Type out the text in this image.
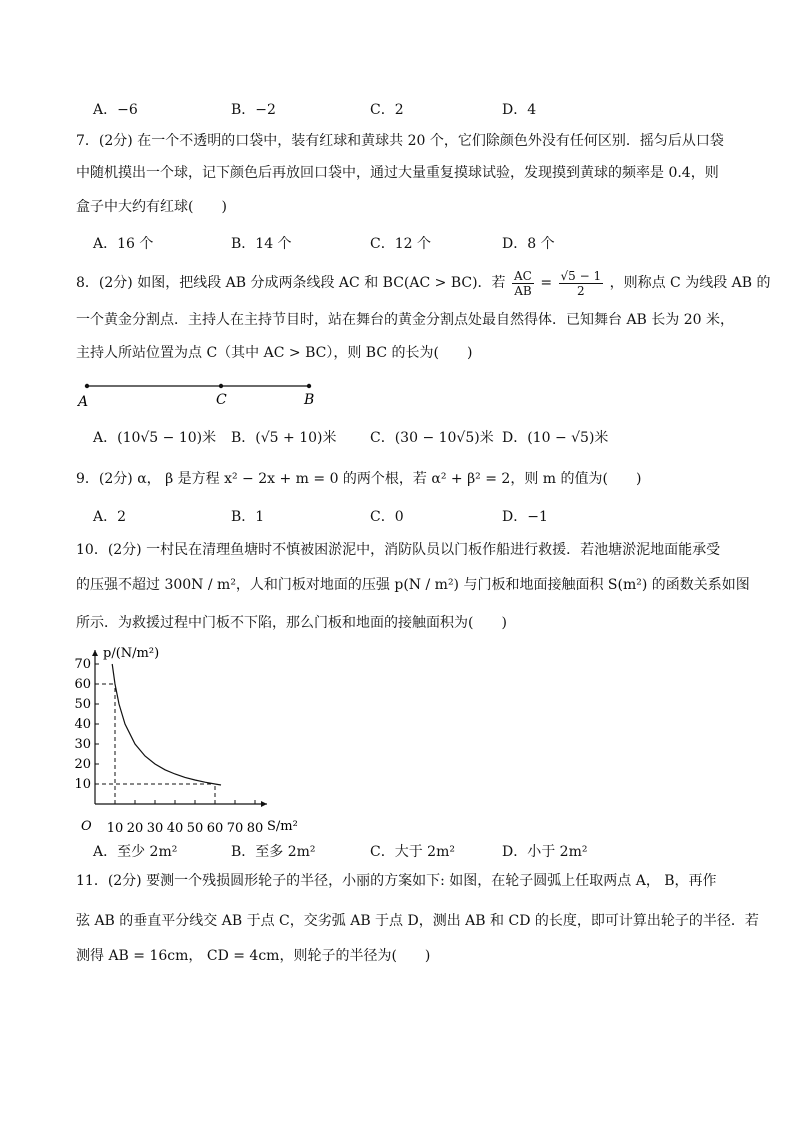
A．−6	B．−2	C．2	D．4
7．(2分) 在一个不透明的口袋中，装有红球和黄球共 20 个，它们除颜色外没有任何区别．摇匀后从口袋
中随机摸出一个球，记下颜色后再放回口袋中，通过大量重复摸球试验，发现摸到黄球的频率是 0.4，则
盒子中大约有红球(　　)
A．16 个	B．14 个	C．12 个	D．8 个
8．(2分) 如图，把线段 AB 分成两条线段 AC 和 BC(AC > BC)．若 $\frac{AC}{AB} = \frac{√5 - 1}{2}$ ，则称点 C 为线段 AB 的
一个黄金分割点．主持人在主持节目时，站在舞台的黄金分割点处最自然得体．已知舞台 AB 长为 20 米，
主持人所站位置为点 C（其中 AC > BC），则 BC 的长为(　　)
A	C	B
A．(10√5 − 10)米 B．(√5 + 10)米 C．(30 − 10√5)米 D．(10 − √5)米
9．(2分) α， β 是方程 x² − 2x + m = 0 的两个根，若 α² + β² = 2，则 m 的值为(　　)
A．2	B．1	C．0	D．−1
10．(2分) 一村民在清理鱼塘时不慎被困淤泥中，消防队员以门板作船进行救援．若池塘淤泥地面能承受
的压强不超过 300N / m²，人和门板对地面的压强 p(N / m²) 与门板和地面接触面积 S(m²) 的函数关系如图
所示．为救援过程中门板不下陷，那么门板和地面的接触面积为(　　)
10 20 30 40 50 60 70 80
10
20
30
40
50
60
70
p/(N/m²)
S/m²
O
A．至少 2m²	B．至多 2m²	C．大于 2m²	D．小于 2m²
11．(2分) 要测一个残损圆形轮子的半径，小丽的方案如下: 如图，在轮子圆弧上任取两点 A， B，再作
弦 AB 的垂直平分线交 AB 于点 C，交劣弧 AB 于点 D，测出 AB 和 CD 的长度，即可计算出轮子的半径．若
测得 AB = 16cm， CD = 4cm，则轮子的半径为(　　)
